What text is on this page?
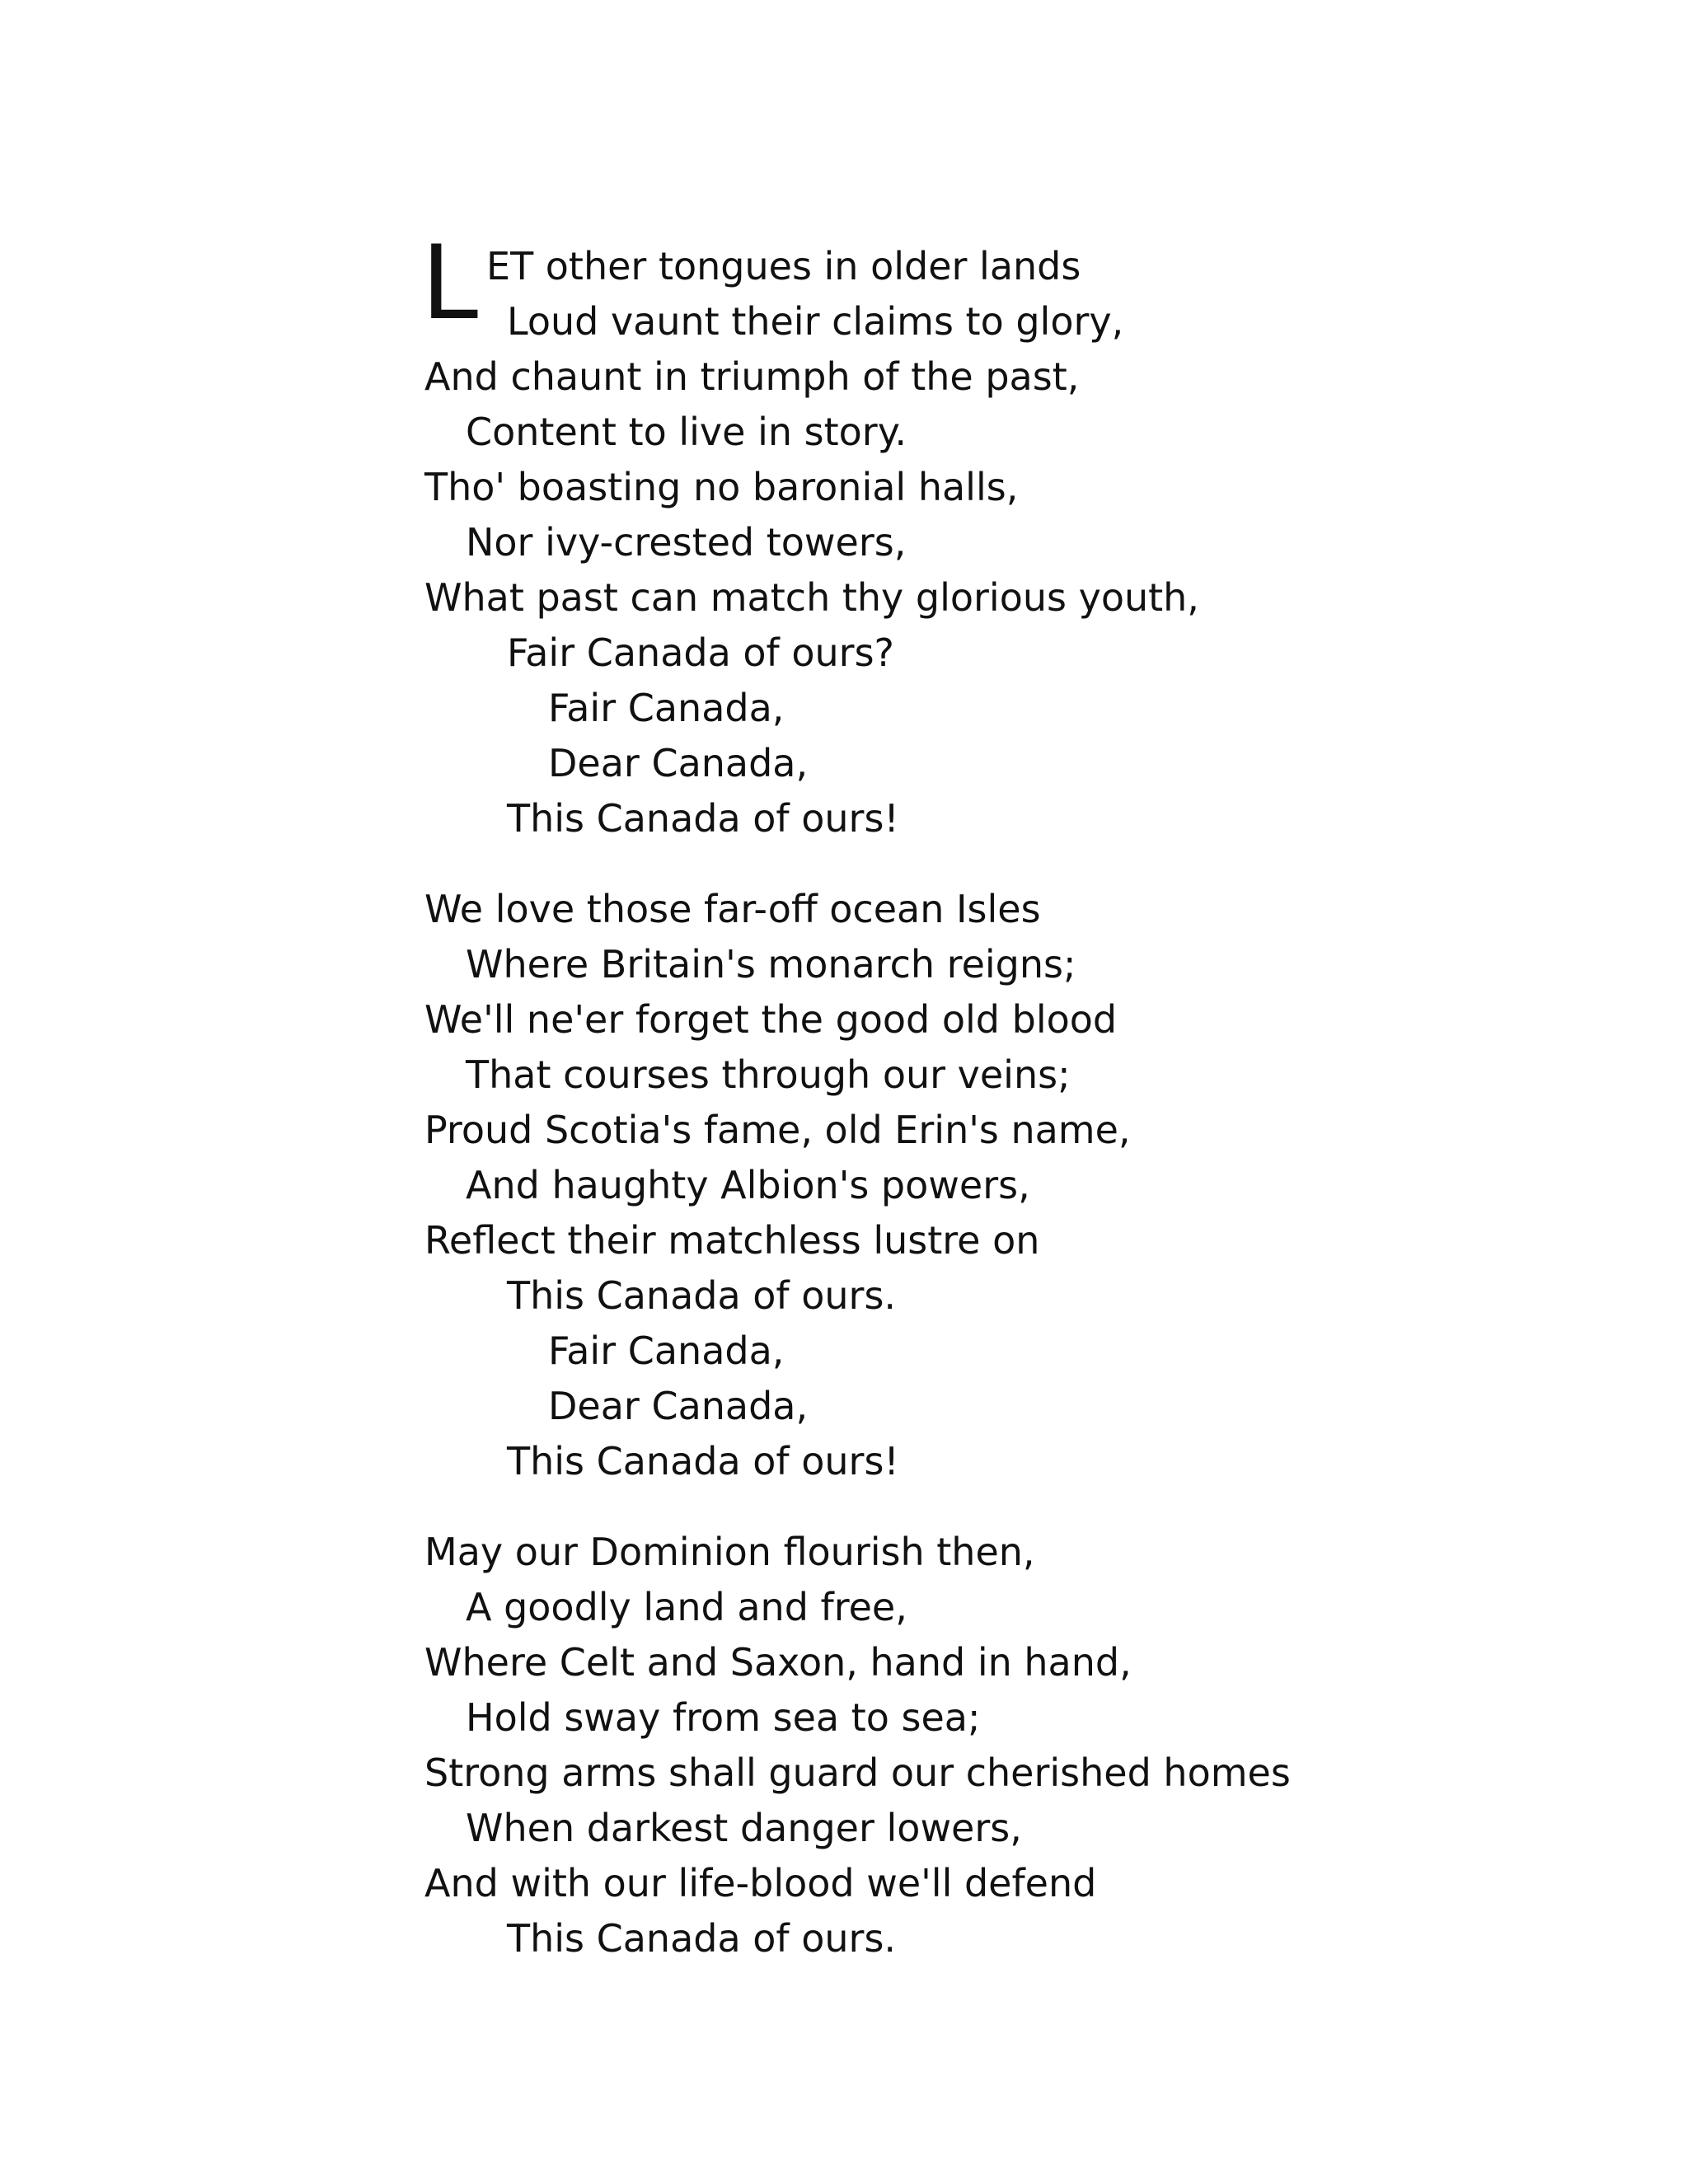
L ET other tongues in older lands
Loud vaunt their claims to glory,
And chaunt in triumph of the past,
Content to live in story.
Tho' boasting no baronial halls,
Nor ivy-crested towers,
What past can match thy glorious youth,
Fair Canada of ours?
Fair Canada,
Dear Canada,
This Canada of ours!
We love those far-off ocean Isles
Where Britain's monarch reigns;
We'll ne'er forget the good old blood
That courses through our veins;
Proud Scotia's fame, old Erin's name,
And haughty Albion's powers,
Reflect their matchless lustre on
This Canada of ours.
Fair Canada,
Dear Canada,
This Canada of ours!
May our Dominion flourish then,
A goodly land and free,
Where Celt and Saxon, hand in hand,
Hold sway from sea to sea;
Strong arms shall guard our cherished homes
When darkest danger lowers,
And with our life-blood we'll defend
This Canada of ours.
